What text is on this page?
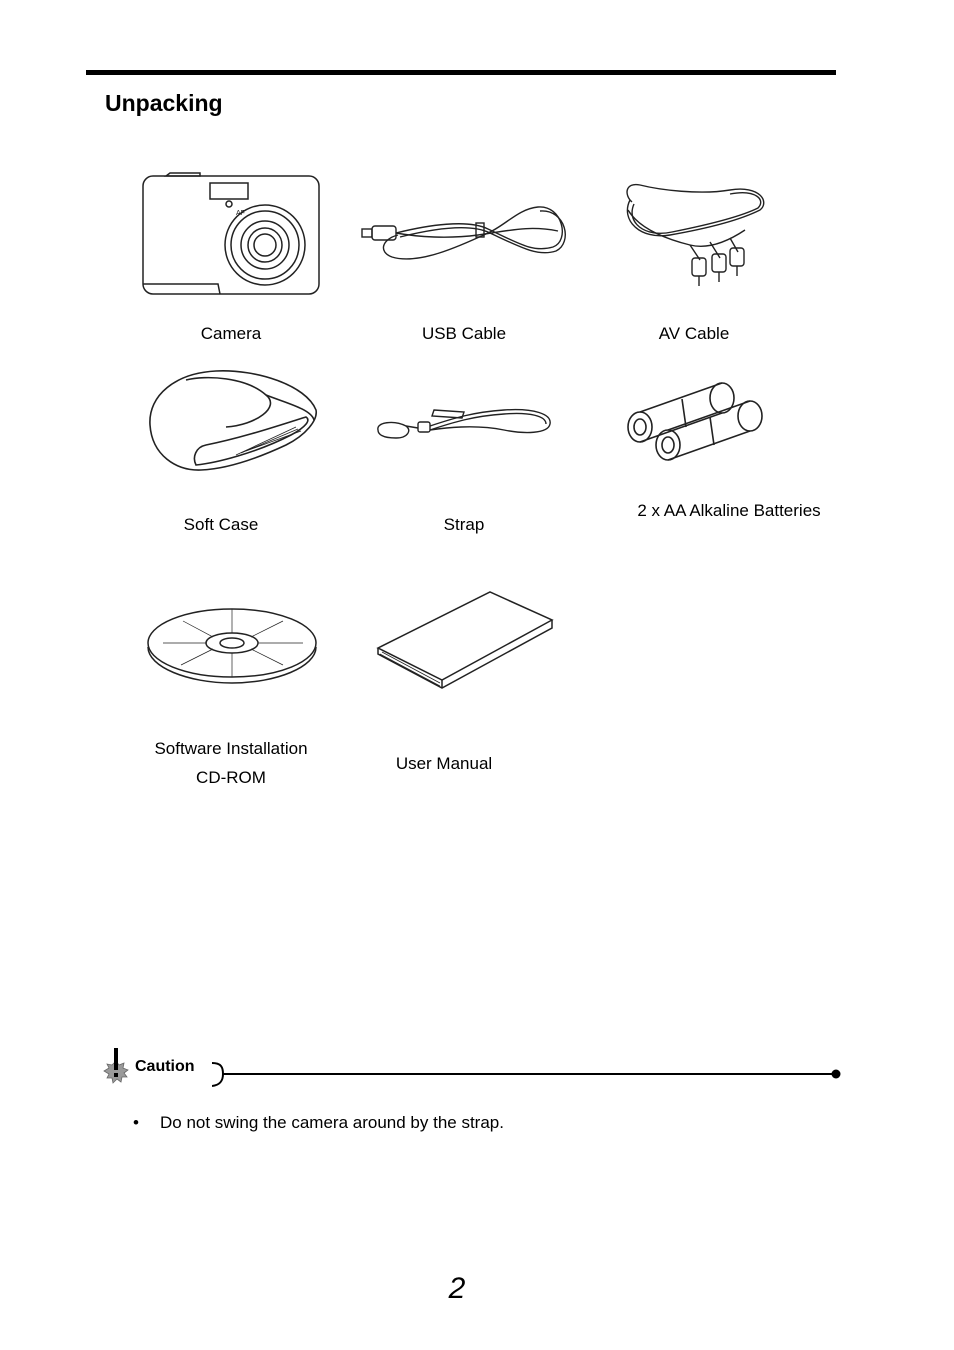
Unpacking
AF
Camera	USB Cable	AV Cable
Soft Case	Strap
2 x AA Alkaline Batteries
Software Installation
CD-ROM
User Manual
Caution
• Do not swing the camera around by the strap.
2
